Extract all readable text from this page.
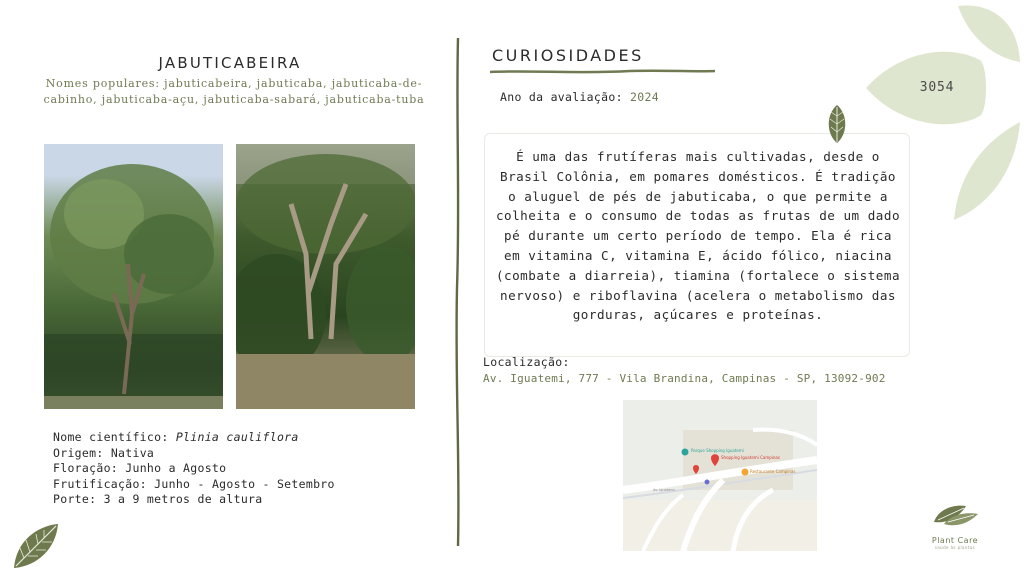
JABUTICABEIRA
Nomes populares: jabuticabeira, jabuticaba, jabuticaba-de-cabinho, jabuticaba-açu, jabuticaba-sabará, jabuticaba-tuba
Nome científico: Plinia cauliflora
Origem: Nativa
Floração: Junho a Agosto
Frutificação: Junho - Agosto - Setembro
Porte: 3 a 9 metros de altura
CURIOSIDADES
Ano da avaliação: 2024
É uma das frutíferas mais cultivadas, desde o Brasil Colônia, em pomares domésticos. É tradição o aluguel de pés de jabuticaba, o que permite a colheita e o consumo de todas as frutas de um dado pé durante um certo período de tempo. Ela é rica em vitamina C, vitamina E, ácido fólico, niacina (combate a diarreia), tiamina (fortalece o sistema nervoso) e riboflavina (acelera o metabolismo das gorduras, açúcares e proteínas.
Localização:
Av. Iguatemi, 777 - Vila Brandina, Campinas - SP, 13092-902
Parque Shopping Iguatemi
Shopping Iguatemi Campinas
Restaurante Campinas
Av. Iguatemi
3054
Plant Care
saúde às plantas
